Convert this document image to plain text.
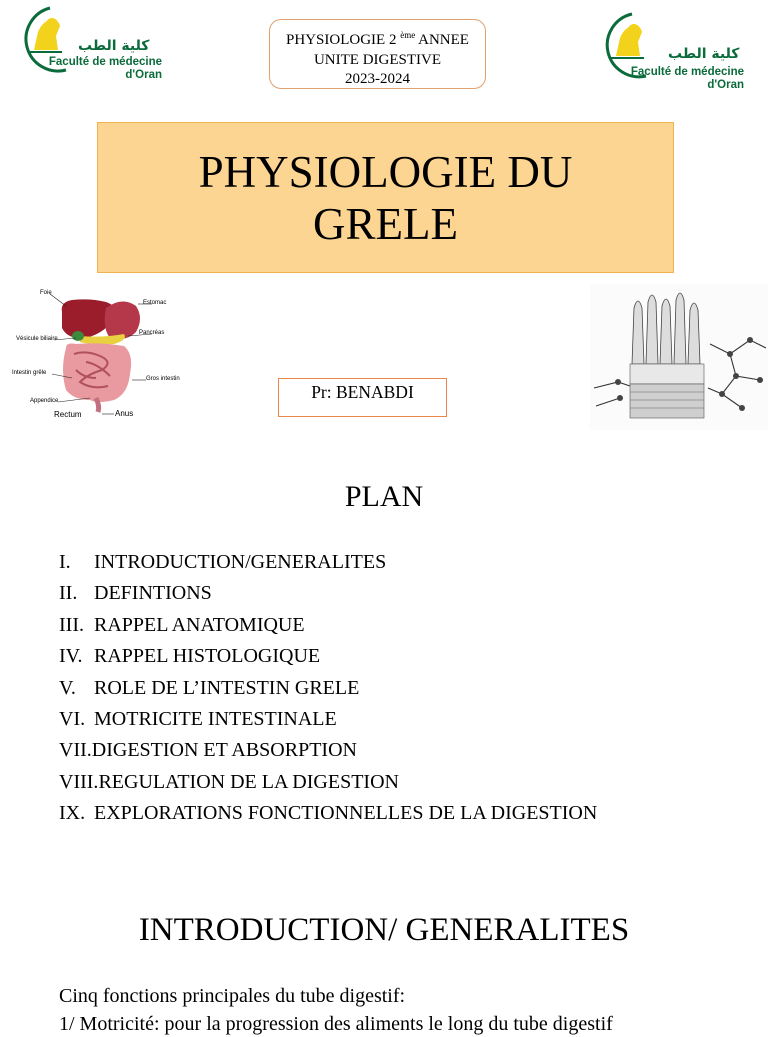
كلية الطب
Faculté de médecine
d'Oran
PHYSIOLOGIE 2 $^{ème}$ ANNEE
UNITE DIGESTIVE
2023-2024
كلية الطب
Faculté de médecine
d'Oran
PHYSIOLOGIE DU GRELE
Foie
Estomac
Vésicule biliaire
Pancréas
Intestin grêle
Gros intestin
Appendice
Rectum	Anus
Pr: BENABDI
PLAN
I. INTRODUCTION/GENERALITES
II. DEFINTIONS
III. RAPPEL ANATOMIQUE
IV. RAPPEL HISTOLOGIQUE
V. ROLE DE L’INTESTIN GRELE
VI. MOTRICITE INTESTINALE
VII.DIGESTION ET ABSORPTION
VIII.REGULATION DE LA DIGESTION
IX. EXPLORATIONS FONCTIONNELLES DE LA DIGESTION
INTRODUCTION/ GENERALITES
Cinq fonctions principales du tube digestif:
1/ Motricité: pour la progression des aliments le long du tube digestif
